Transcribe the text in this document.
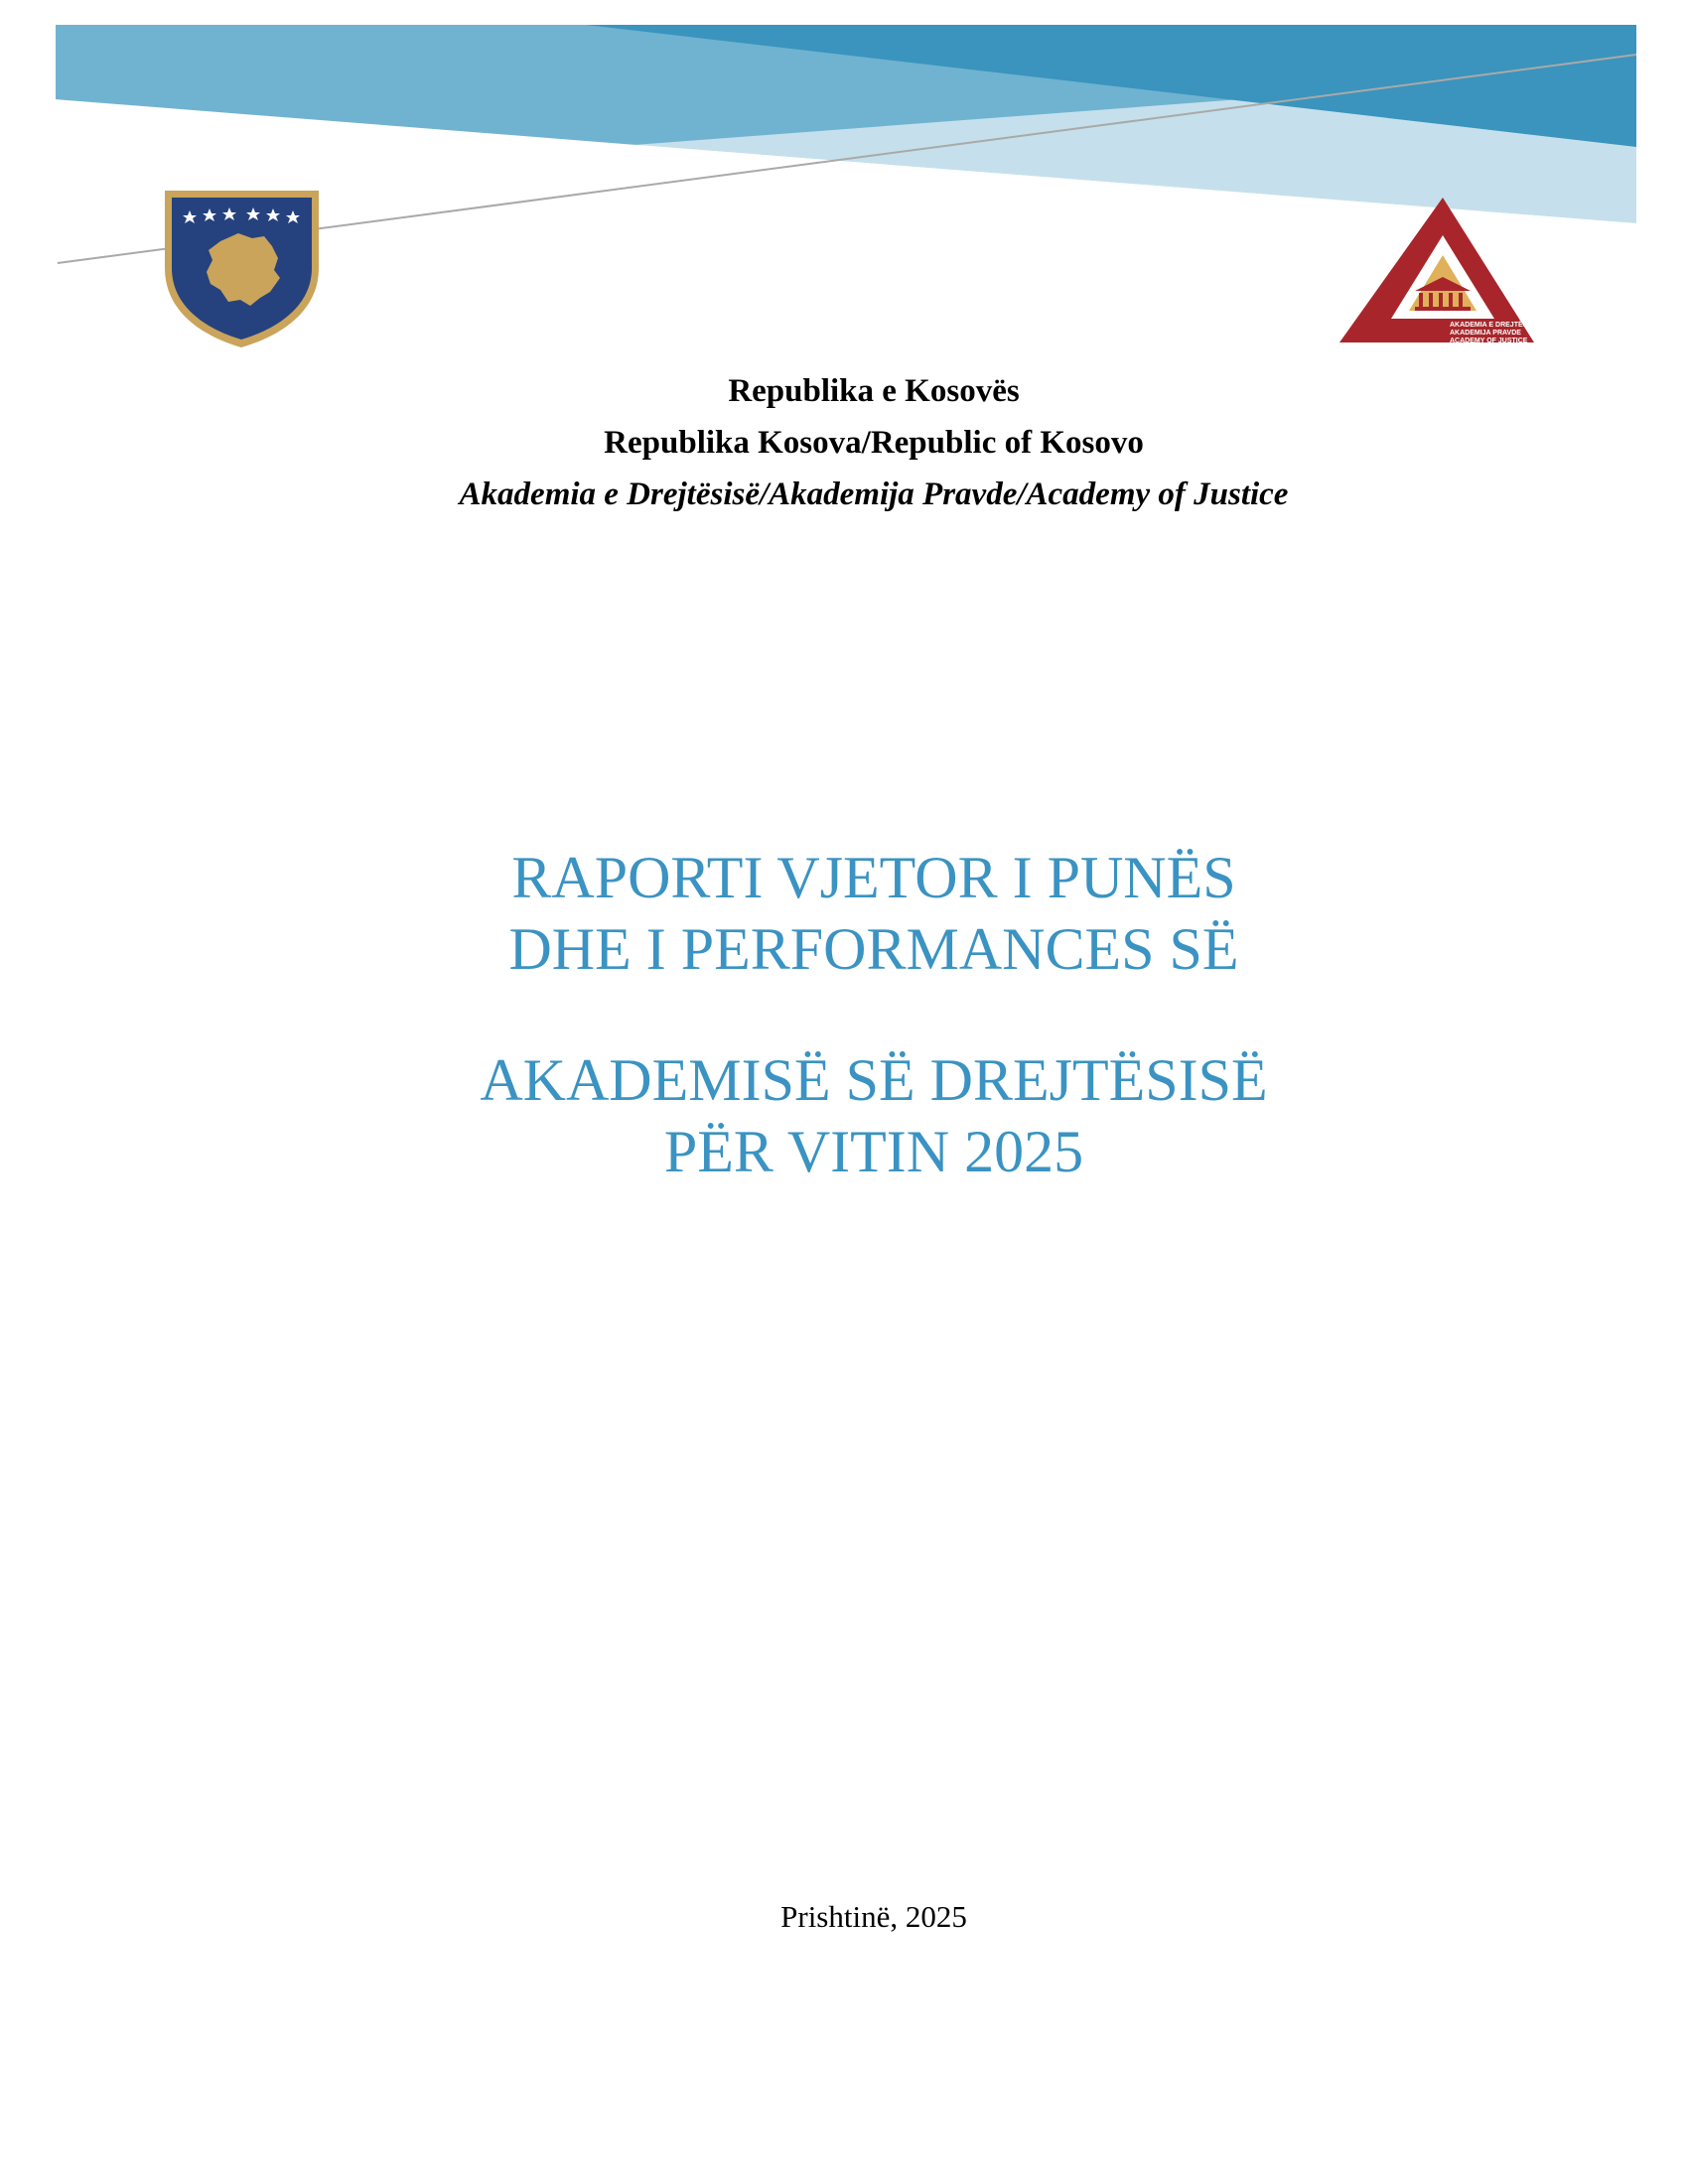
AKADEMIA E DREJTËSISË
AKADEMIJA PRAVDE
ACADEMY OF JUSTICE
Republika e Kosovës
Republika Kosova/Republic of Kosovo
Akademia e Drejtësisë/Akademija Pravde/Academy of Justice
RAPORTI VJETOR I PUNËS
DHE I PERFORMANCES SË
AKADEMISË SË DREJTËSISË
PËR VITIN 2025
Prishtinë, 2025
